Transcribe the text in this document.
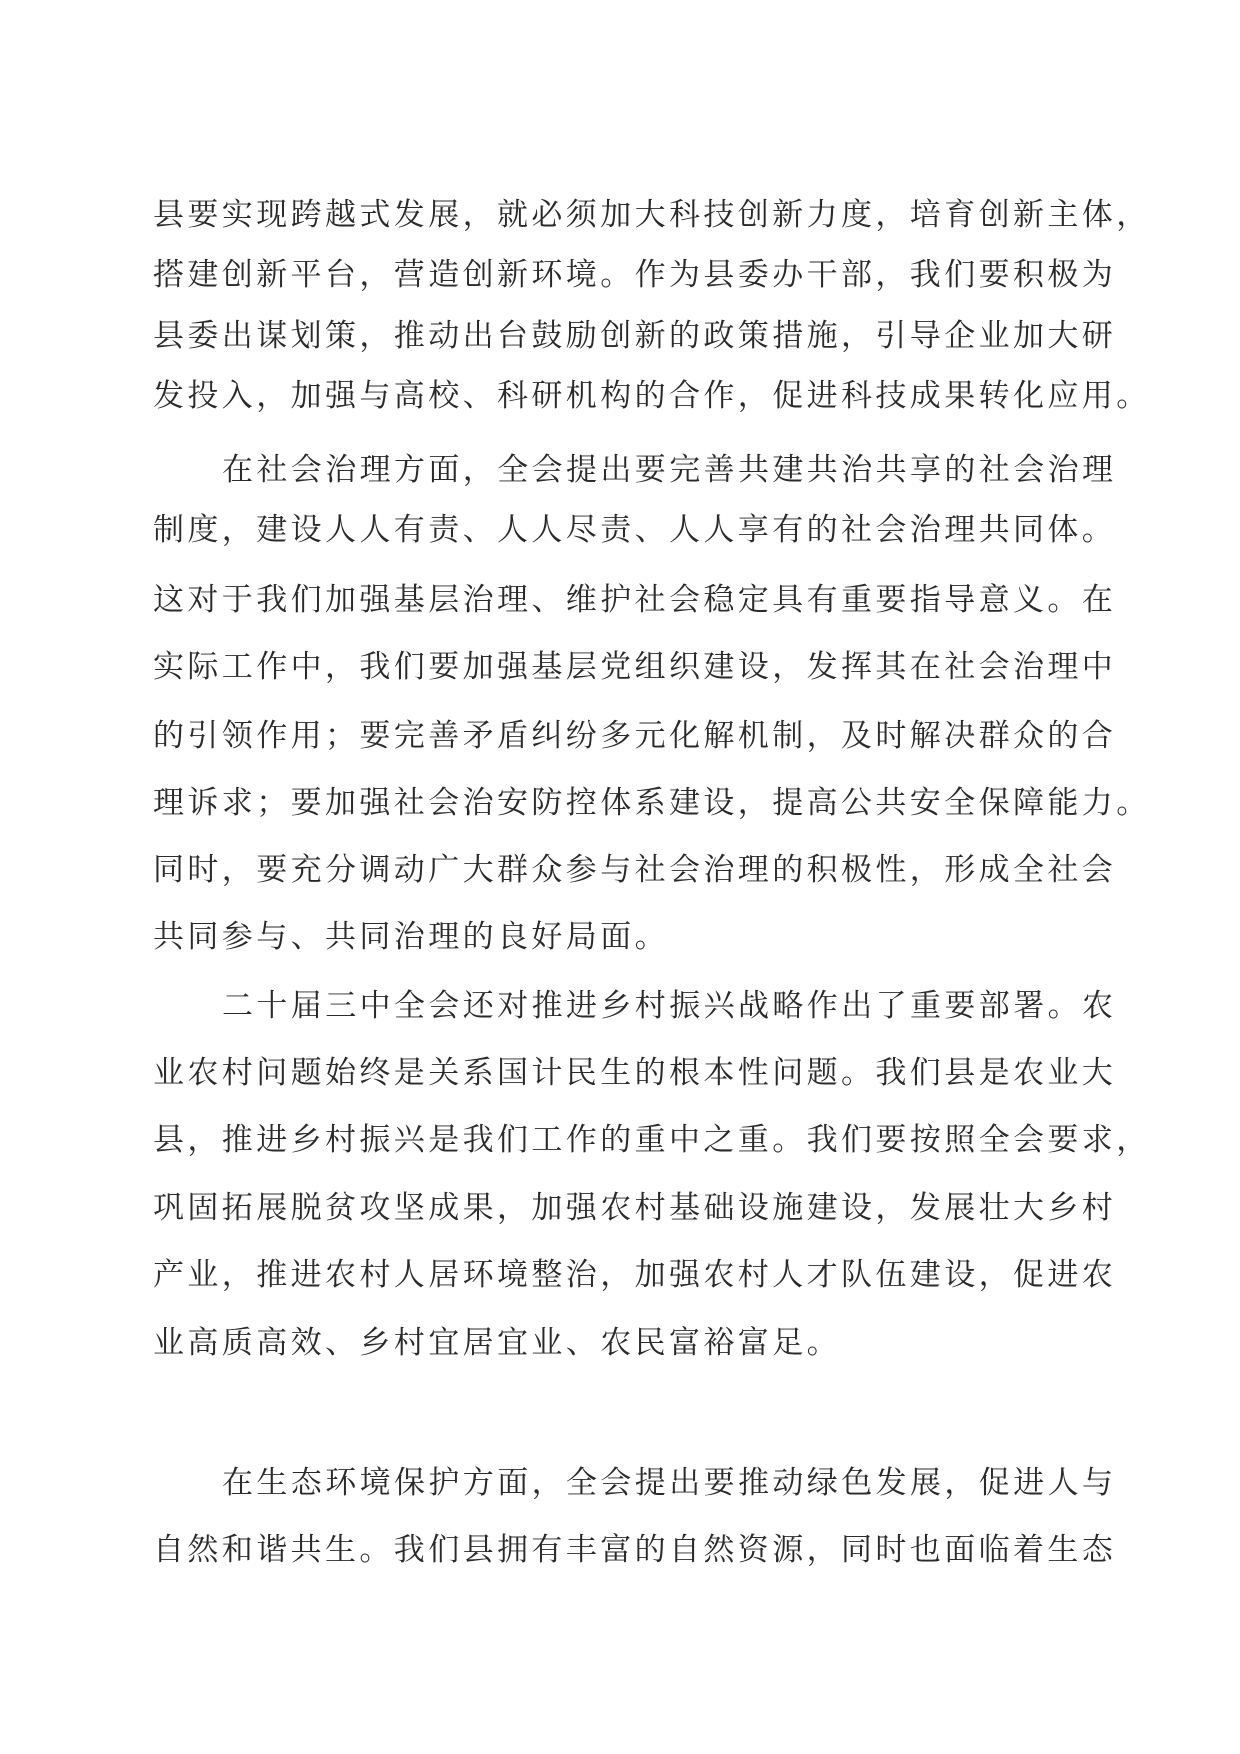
县要实现跨越式发展，就必须加大科技创新力度，培育创新主体，
搭建创新平台，营造创新环境。作为县委办干部，我们要积极为
县委出谋划策，推动出台鼓励创新的政策措施，引导企业加大研
发投入，加强与高校、科研机构的合作，促进科技成果转化应用。
在社会治理方面，全会提出要完善共建共治共享的社会治理
制度，建设人人有责、人人尽责、人人享有的社会治理共同体。
这对于我们加强基层治理、维护社会稳定具有重要指导意义。在
实际工作中，我们要加强基层党组织建设，发挥其在社会治理中
的引领作用；要完善矛盾纠纷多元化解机制，及时解决群众的合
理诉求；要加强社会治安防控体系建设，提高公共安全保障能力。
同时，要充分调动广大群众参与社会治理的积极性，形成全社会
共同参与、共同治理的良好局面。
二十届三中全会还对推进乡村振兴战略作出了重要部署。农
业农村问题始终是关系国计民生的根本性问题。我们县是农业大
县，推进乡村振兴是我们工作的重中之重。我们要按照全会要求，
巩固拓展脱贫攻坚成果，加强农村基础设施建设，发展壮大乡村
产业，推进农村人居环境整治，加强农村人才队伍建设，促进农
业高质高效、乡村宜居宜业、农民富裕富足。
在生态环境保护方面，全会提出要推动绿色发展，促进人与
自然和谐共生。我们县拥有丰富的自然资源，同时也面临着生态
